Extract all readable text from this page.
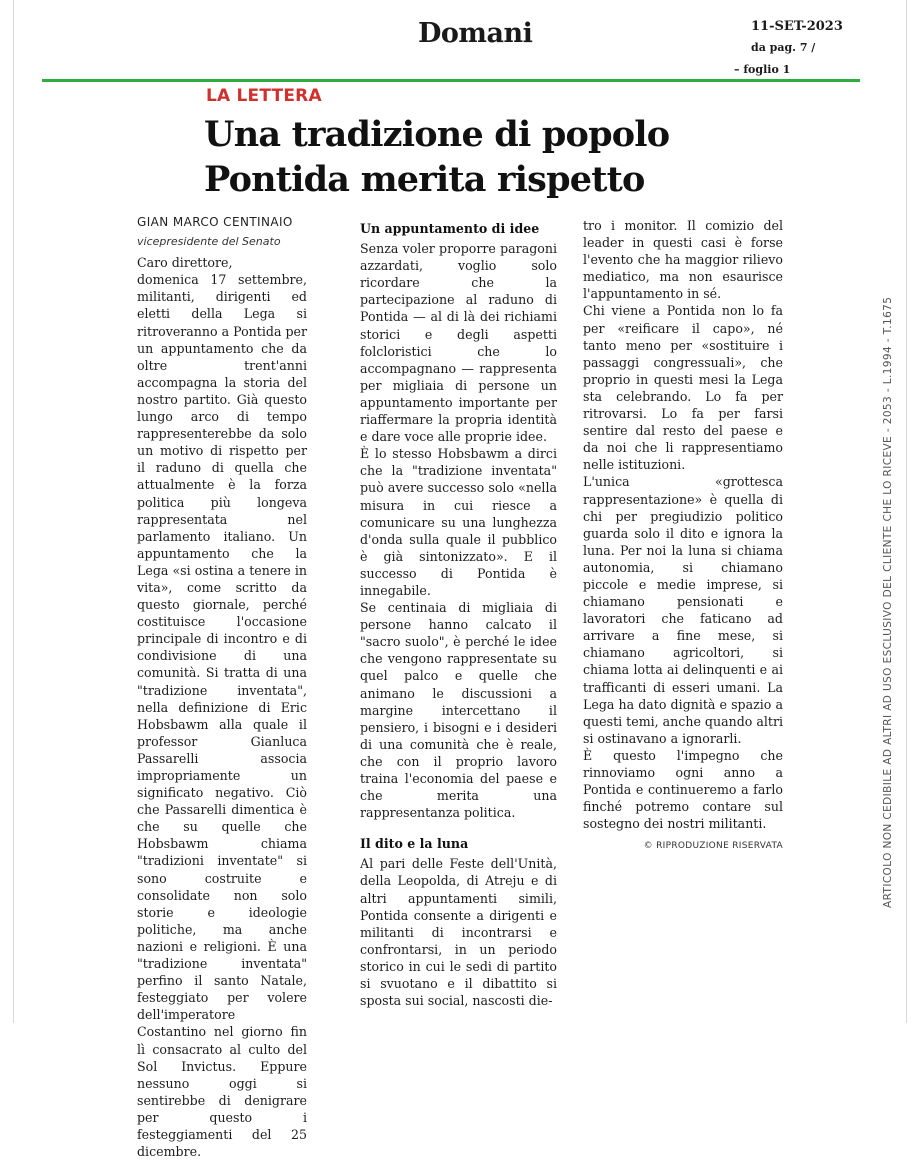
Domani	11-SET-2023
da pag. 7 /
– foglio 1
LA LETTERA
Una tradizione di popolo
Pontida merita rispetto
GIAN MARCO CENTINAIO
vicepresidente del Senato

Caro direttore,

domenica 17 settembre, militanti, dirigenti ed eletti della Lega si ritroveranno a Pontida per un appuntamento che da oltre trent'anni accompagna la storia del nostro partito. Già questo lungo arco di tempo rappresenterebbe da solo un motivo di rispetto per il raduno di quella che attualmente è la forza politica più longeva rappresentata nel parlamento italiano. Un appuntamento che la Lega «si ostina a tenere in vita», come scritto da questo giornale, perché costituisce l'occasione principale di incontro e di condivisione di una comunità. Si tratta di una "tradizione inventata", nella definizione di Eric Hobsbawm alla quale il professor Gianluca Passarelli associa impropriamente un significato negativo. Ciò che Passarelli dimentica è che su quelle che Hobsbawm chiama "tradizioni inventate" si sono costruite e consolidate non solo storie e ideologie politiche, ma anche nazioni e religioni. È una "tradizione inventata" perfino il santo Natale, festeggiato per volere dell'imperatore Costantino nel giorno fin lì consacrato al culto del Sol Invictus. Eppure nessuno oggi si sentirebbe di denigrare per questo i festeggiamenti del 25 dicembre.

Un appuntamento di idee

Senza voler proporre paragoni azzardati, voglio solo ricordare che la partecipazione al raduno di Pontida — al di là dei richiami storici e degli aspetti folcloristici che lo accompagnano — rappresenta per migliaia di persone un appuntamento importante per riaffermare la propria identità e dare voce alle proprie idee.

È lo stesso Hobsbawm a dirci che la "tradizione inventata" può avere successo solo «nella misura in cui riesce a comunicare su una lunghezza d'onda sulla quale il pubblico è già sintonizzato». E il successo di Pontida è innegabile.

Se centinaia di migliaia di persone hanno calcato il "sacro suolo", è perché le idee che vengono rappresentate su quel palco e quelle che animano le discussioni a margine intercettano il pensiero, i bisogni e i desideri di una comunità che è reale, che con il proprio lavoro traina l'economia del paese e che merita una rappresentanza politica.

Il dito e la luna

Al pari delle Feste dell'Unità, della Leopolda, di Atreju e di altri appuntamenti simili, Pontida consente a dirigenti e militanti di incontrarsi e confrontarsi, in un periodo storico in cui le sedi di partito si svuotano e il dibattito si sposta sui social, nascosti die-

tro i monitor. Il comizio del leader in questi casi è forse l'evento che ha maggior rilievo mediatico, ma non esaurisce l'appuntamento in sé.

Chi viene a Pontida non lo fa per «reificare il capo», né tanto meno per «sostituire i passaggi congressuali», che proprio in questi mesi la Lega sta celebrando. Lo fa per ritrovarsi. Lo fa per farsi sentire dal resto del paese e da noi che li rappresentiamo nelle istituzioni.

L'unica «grottesca rappresentazione» è quella di chi per pregiudizio politico guarda solo il dito e ignora la luna. Per noi la luna si chiama autonomia, si chiamano piccole e medie imprese, si chiamano pensionati e lavoratori che faticano ad arrivare a fine mese, si chiamano agricoltori, si chiama lotta ai delinquenti e ai trafficanti di esseri umani. La Lega ha dato dignità e spazio a questi temi, anche quando altri si ostinavano a ignorarli.

È questo l'impegno che rinnoviamo ogni anno a Pontida e continueremo a farlo finché potremo contare sul sostegno dei nostri militanti.

© RIPRODUZIONE RISERVATA	ARTICOLO NON CEDIBILE AD ALTRI AD USO ESCLUSIVO DEL CLIENTE CHE LO RICEVE - 2053 - L.1994 - T.1675
